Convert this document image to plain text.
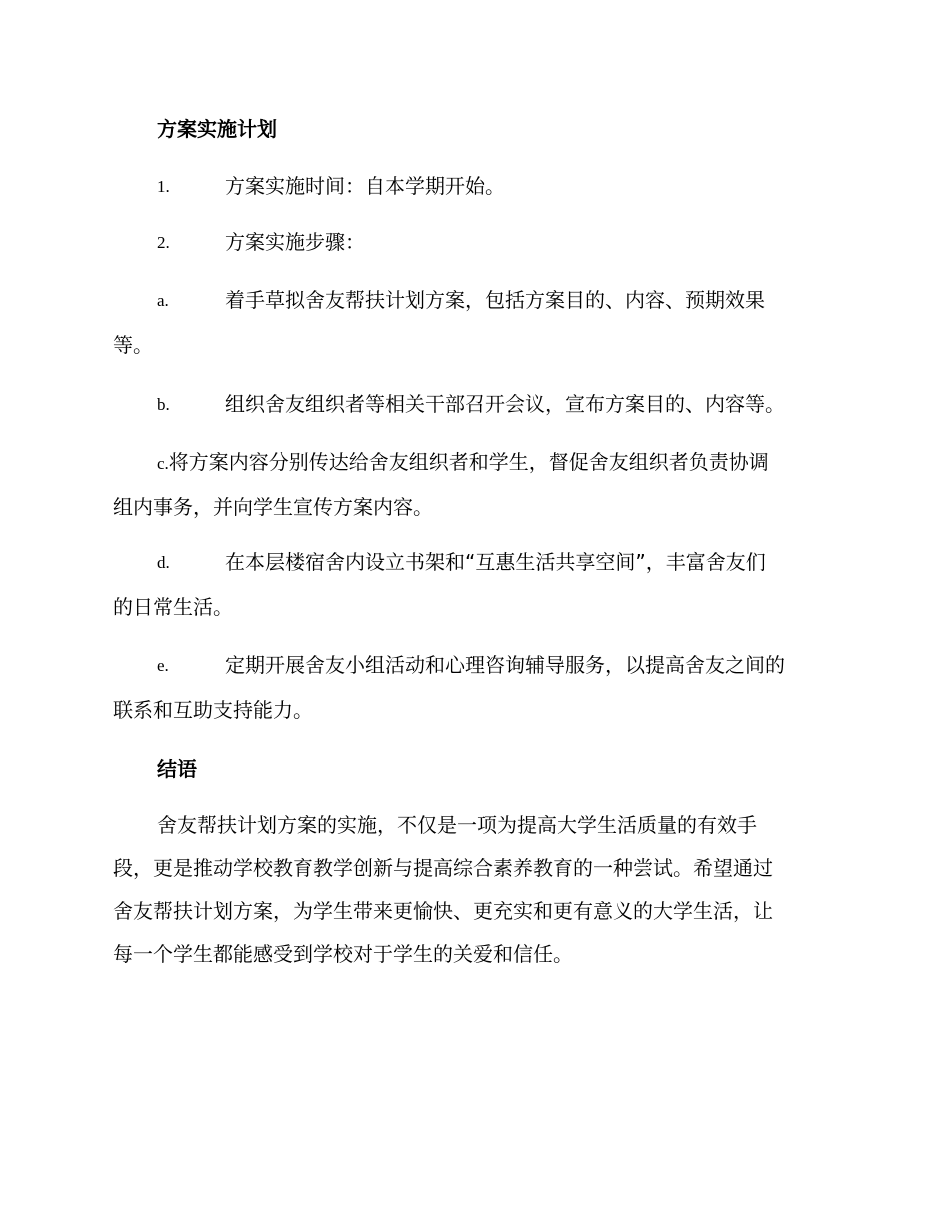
方案实施计划
1.	方案实施时间：自本学期开始。
2.	方案实施步骤：
a.	着手草拟舍友帮扶计划方案，包括方案目的、内容、预期效果
等。
b.	组织舍友组织者等相关干部召开会议，宣布方案目的、内容等。
c.将方案内容分别传达给舍友组织者和学生，督促舍友组织者负责协调
组内事务，并向学生宣传方案内容。
d.	在本层楼宿舍内设立书架和“互惠生活共享空间”，丰富舍友们
的日常生活。
e.	定期开展舍友小组活动和心理咨询辅导服务，以提高舍友之间的
联系和互助支持能力。
结语
舍友帮扶计划方案的实施，不仅是一项为提高大学生活质量的有效手
段，更是推动学校教育教学创新与提高综合素养教育的一种尝试。希望通过
舍友帮扶计划方案，为学生带来更愉快、更充实和更有意义的大学生活，让
每一个学生都能感受到学校对于学生的关爱和信任。
